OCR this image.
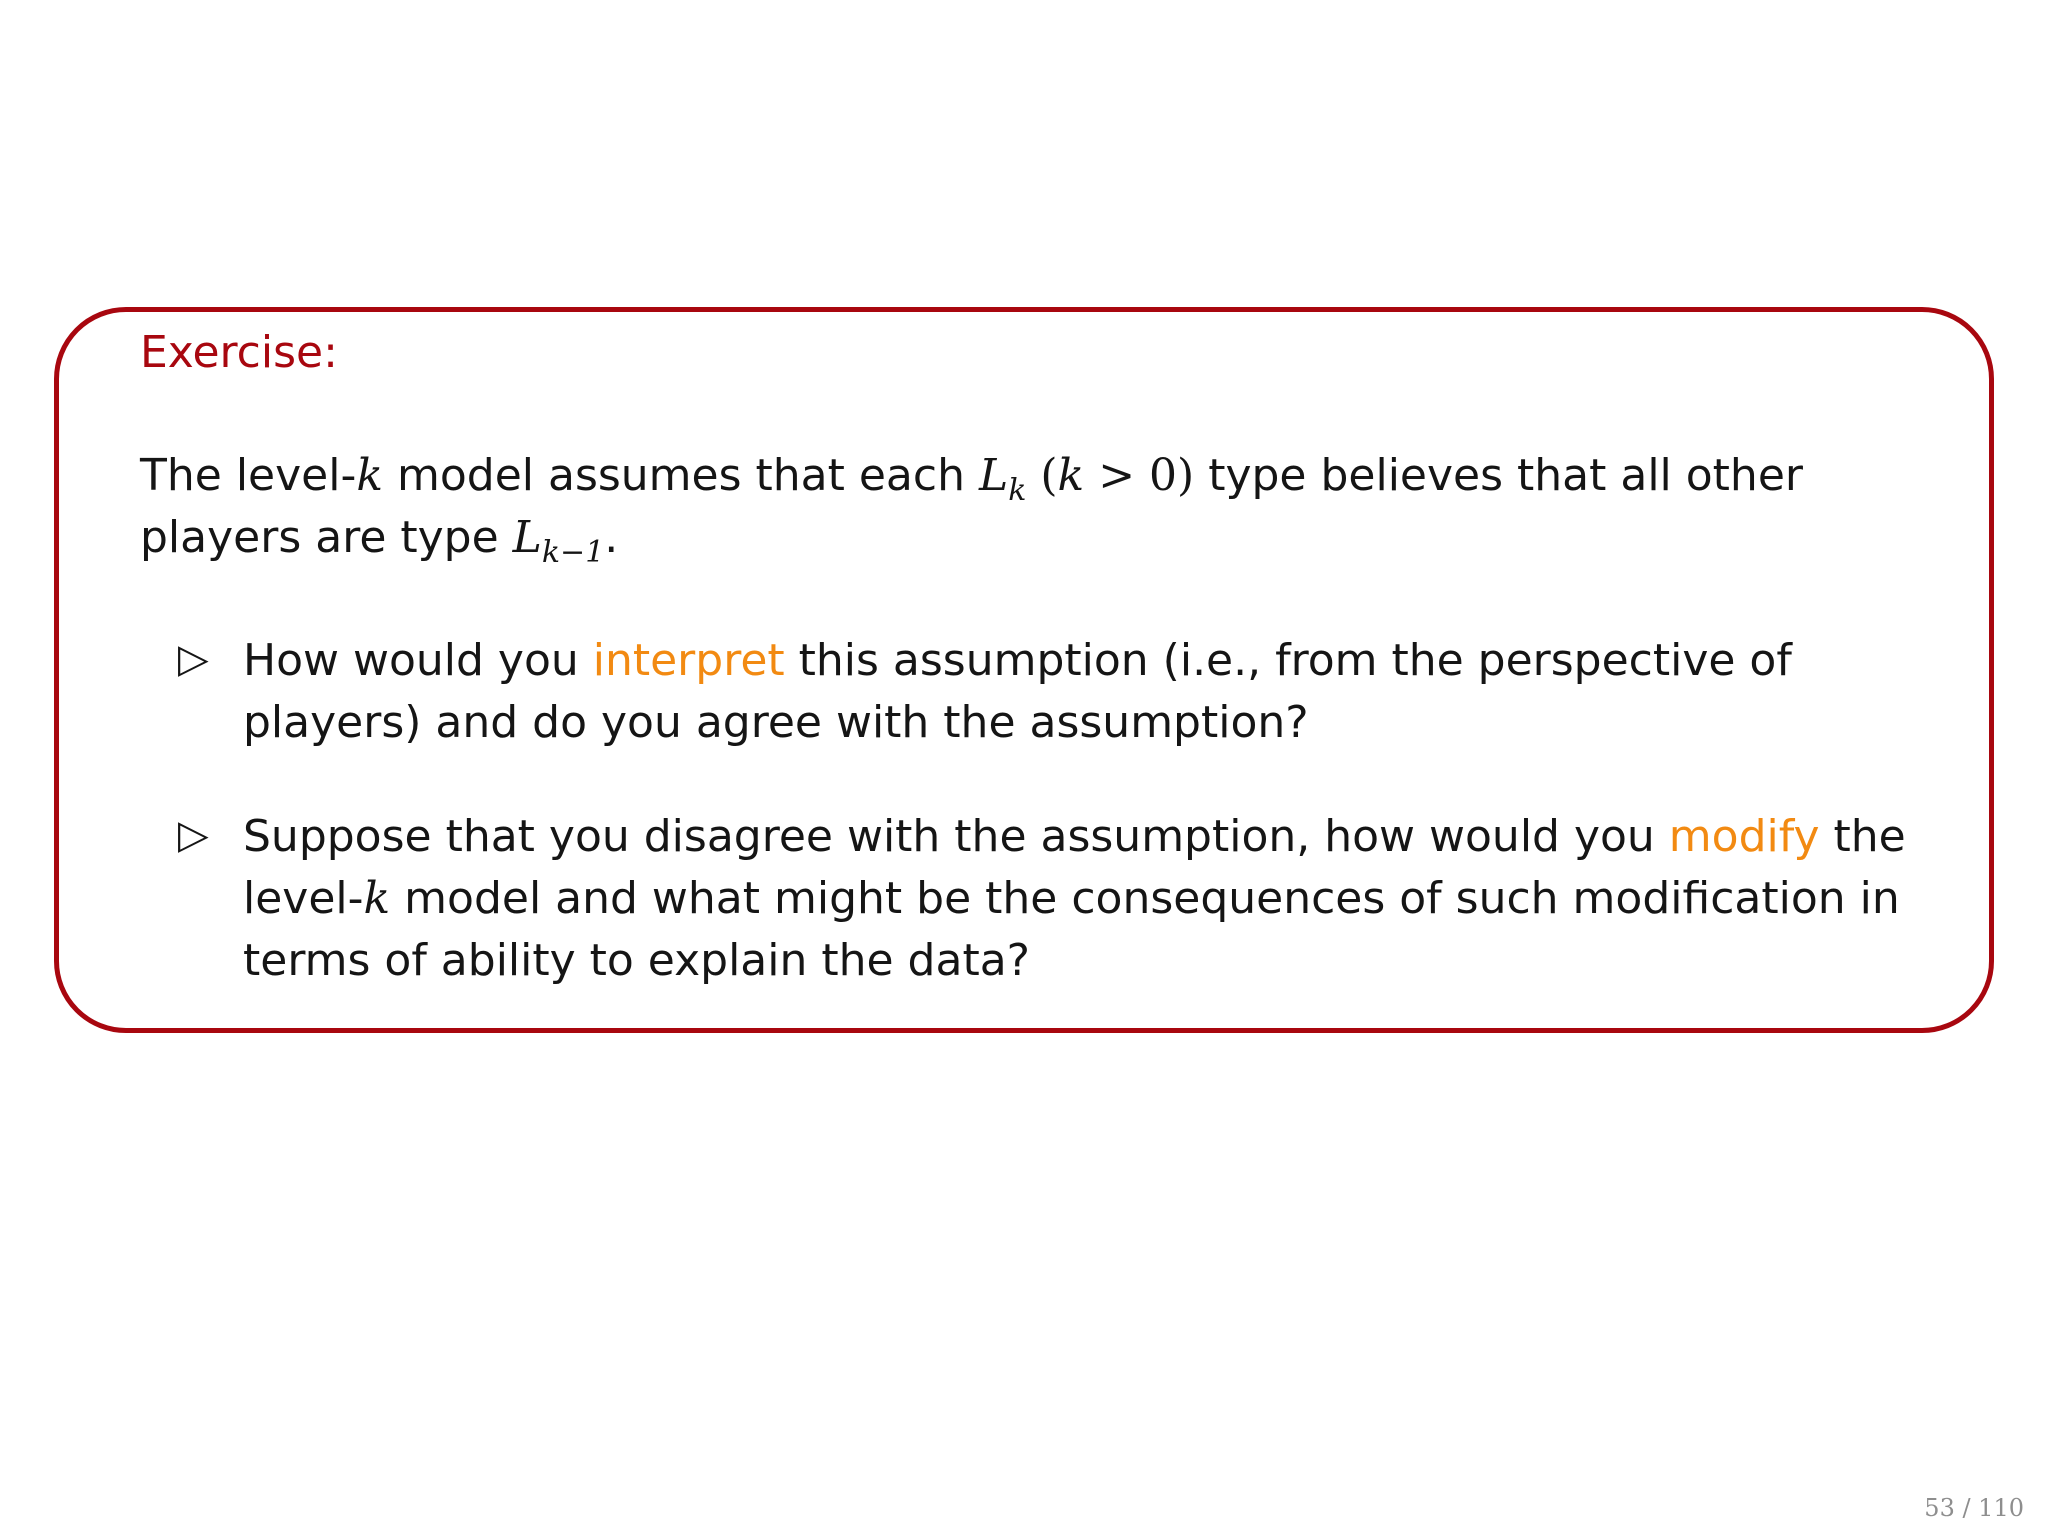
Exercise:
The level-k model assumes that each $L_k$ (k > 0) type believes that all other players are type $L_{k-1}$.
▷ How would you interpret this assumption (i.e., from the perspective of players) and do you agree with the assumption?
▷ Suppose that you disagree with the assumption, how would you modify the level-k model and what might be the consequences of such modification in terms of ability to explain the data?
53 / 110
